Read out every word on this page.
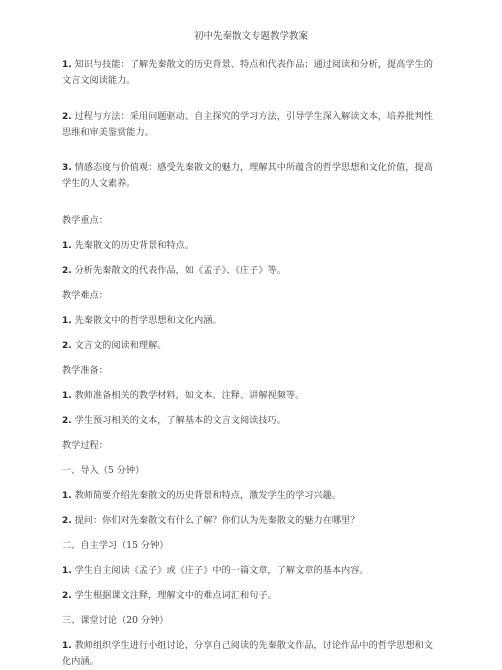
初中先秦散文专题教学教案

1. 知识与技能：了解先秦散文的历史背景、特点和代表作品；通过阅读和分析，提高学生的文言文阅读能力。

2. 过程与方法：采用问题驱动、自主探究的学习方法，引导学生深入解读文本，培养批判性思维和审美鉴赏能力。

3. 情感态度与价值观：感受先秦散文的魅力，理解其中所蕴含的哲学思想和文化价值，提高学生的人文素养。

教学重点：

1. 先秦散文的历史背景和特点。

2. 分析先秦散文的代表作品，如《孟子》、《庄子》等。

教学难点：

1. 先秦散文中的哲学思想和文化内涵。

2. 文言文的阅读和理解。

教学准备：

1. 教师准备相关的教学材料，如文本、注释、讲解视频等。

2. 学生预习相关的文本，了解基本的文言文阅读技巧。

教学过程：

一、导入（5 分钟）

1. 教师简要介绍先秦散文的历史背景和特点，激发学生的学习兴趣。

2. 提问：你们对先秦散文有什么了解？你们认为先秦散文的魅力在哪里？

二、自主学习（15 分钟）

1. 学生自主阅读《孟子》或《庄子》中的一篇文章，了解文章的基本内容。

2. 学生根据课文注释，理解文中的难点词汇和句子。

三、课堂讨论（20 分钟）

1. 教师组织学生进行小组讨论，分享自己阅读的先秦散文作品，讨论作品中的哲学思想和文化内涵。
